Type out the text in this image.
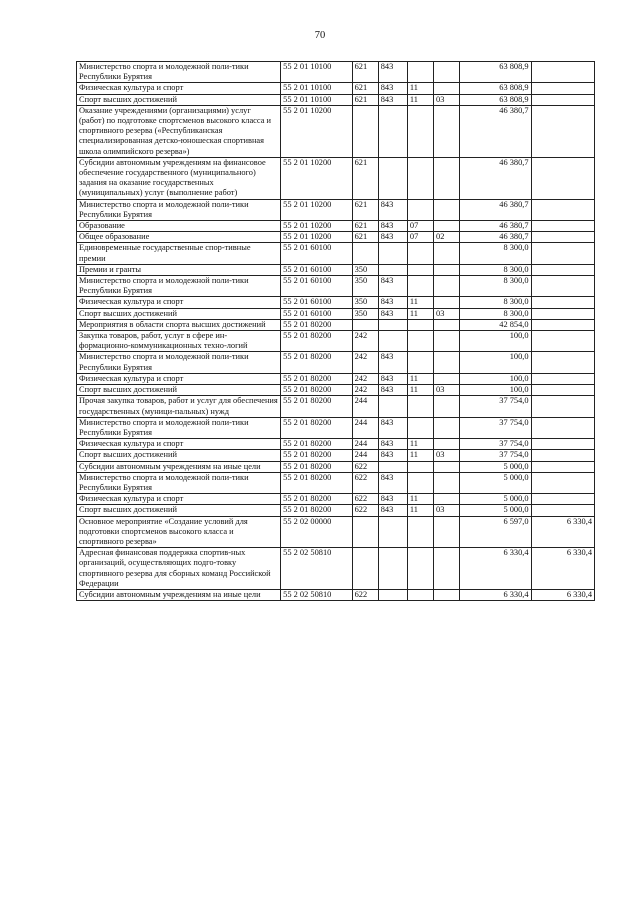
70
Министерство спорта и молодежной поли-тики Республики Бурятия	55 2 01 10100	621	843			63 808,9	
Физическая культура и спорт	55 2 01 10100	621	843	11		63 808,9	
Спорт высших достижений	55 2 01 10100	621	843	11	03	63 808,9	
Оказание учреждениями (организациями) услуг (работ) по подготовке спортсменов высокого класса и спортивного резерва («Республиканская специализированная детско-юношеская спортивная школа олимпийского резерва»)	55 2 01 10200					46 380,7	
Субсидии автономным учреждениям на финансовое обеспечение государственного (муниципального) задания на оказание государственных (муниципальных) услуг (выполнение работ)	55 2 01 10200	621				46 380,7	
Министерство спорта и молодежной поли-тики Республики Бурятия	55 2 01 10200	621	843			46 380,7	
Образование	55 2 01 10200	621	843	07		46 380,7	
Общее образование	55 2 01 10200	621	843	07	02	46 380,7	
Единовременные государственные спор-тивные премии	55 2 01 60100					8 300,0	
Премии и гранты	55 2 01 60100	350				8 300,0	
Министерство спорта и молодежной поли-тики Республики Бурятия	55 2 01 60100	350	843			8 300,0	
Физическая культура и спорт	55 2 01 60100	350	843	11		8 300,0	
Спорт высших достижений	55 2 01 60100	350	843	11	03	8 300,0	
Мероприятия в области спорта высших достижений	55 2 01 80200					42 854,0	
Закупка товаров, работ, услуг в сфере ин-формационно-коммуникационных техно-логий	55 2 01 80200	242				100,0	
Министерство спорта и молодежной поли-тики Республики Бурятия	55 2 01 80200	242	843			100,0	
Физическая культура и спорт	55 2 01 80200	242	843	11		100,0	
Спорт высших достижений	55 2 01 80200	242	843	11	03	100,0	
Прочая закупка товаров, работ и услуг для обеспечения государственных (муници-пальных) нужд	55 2 01 80200	244				37 754,0	
Министерство спорта и молодежной поли-тики Республики Бурятия	55 2 01 80200	244	843			37 754,0	
Физическая культура и спорт	55 2 01 80200	244	843	11		37 754,0	
Спорт высших достижений	55 2 01 80200	244	843	11	03	37 754,0	
Субсидии автономным учреждениям на иные цели	55 2 01 80200	622				5 000,0	
Министерство спорта и молодежной поли-тики Республики Бурятия	55 2 01 80200	622	843			5 000,0	
Физическая культура и спорт	55 2 01 80200	622	843	11		5 000,0	
Спорт высших достижений	55 2 01 80200	622	843	11	03	5 000,0	
Основное мероприятие «Создание условий для подготовки спортсменов высокого класса и спортивного резерва»	55 2 02 00000					6 597,0	6 330,4
Адресная финансовая поддержка спортив-ных организаций, осуществляющих подго-товку спортивного резерва для сборных команд Российской Федерации	55 2 02 50810					6 330,4	6 330,4
Субсидии автономным учреждениям на иные цели	55 2 02 50810	622				6 330,4	6 330,4
